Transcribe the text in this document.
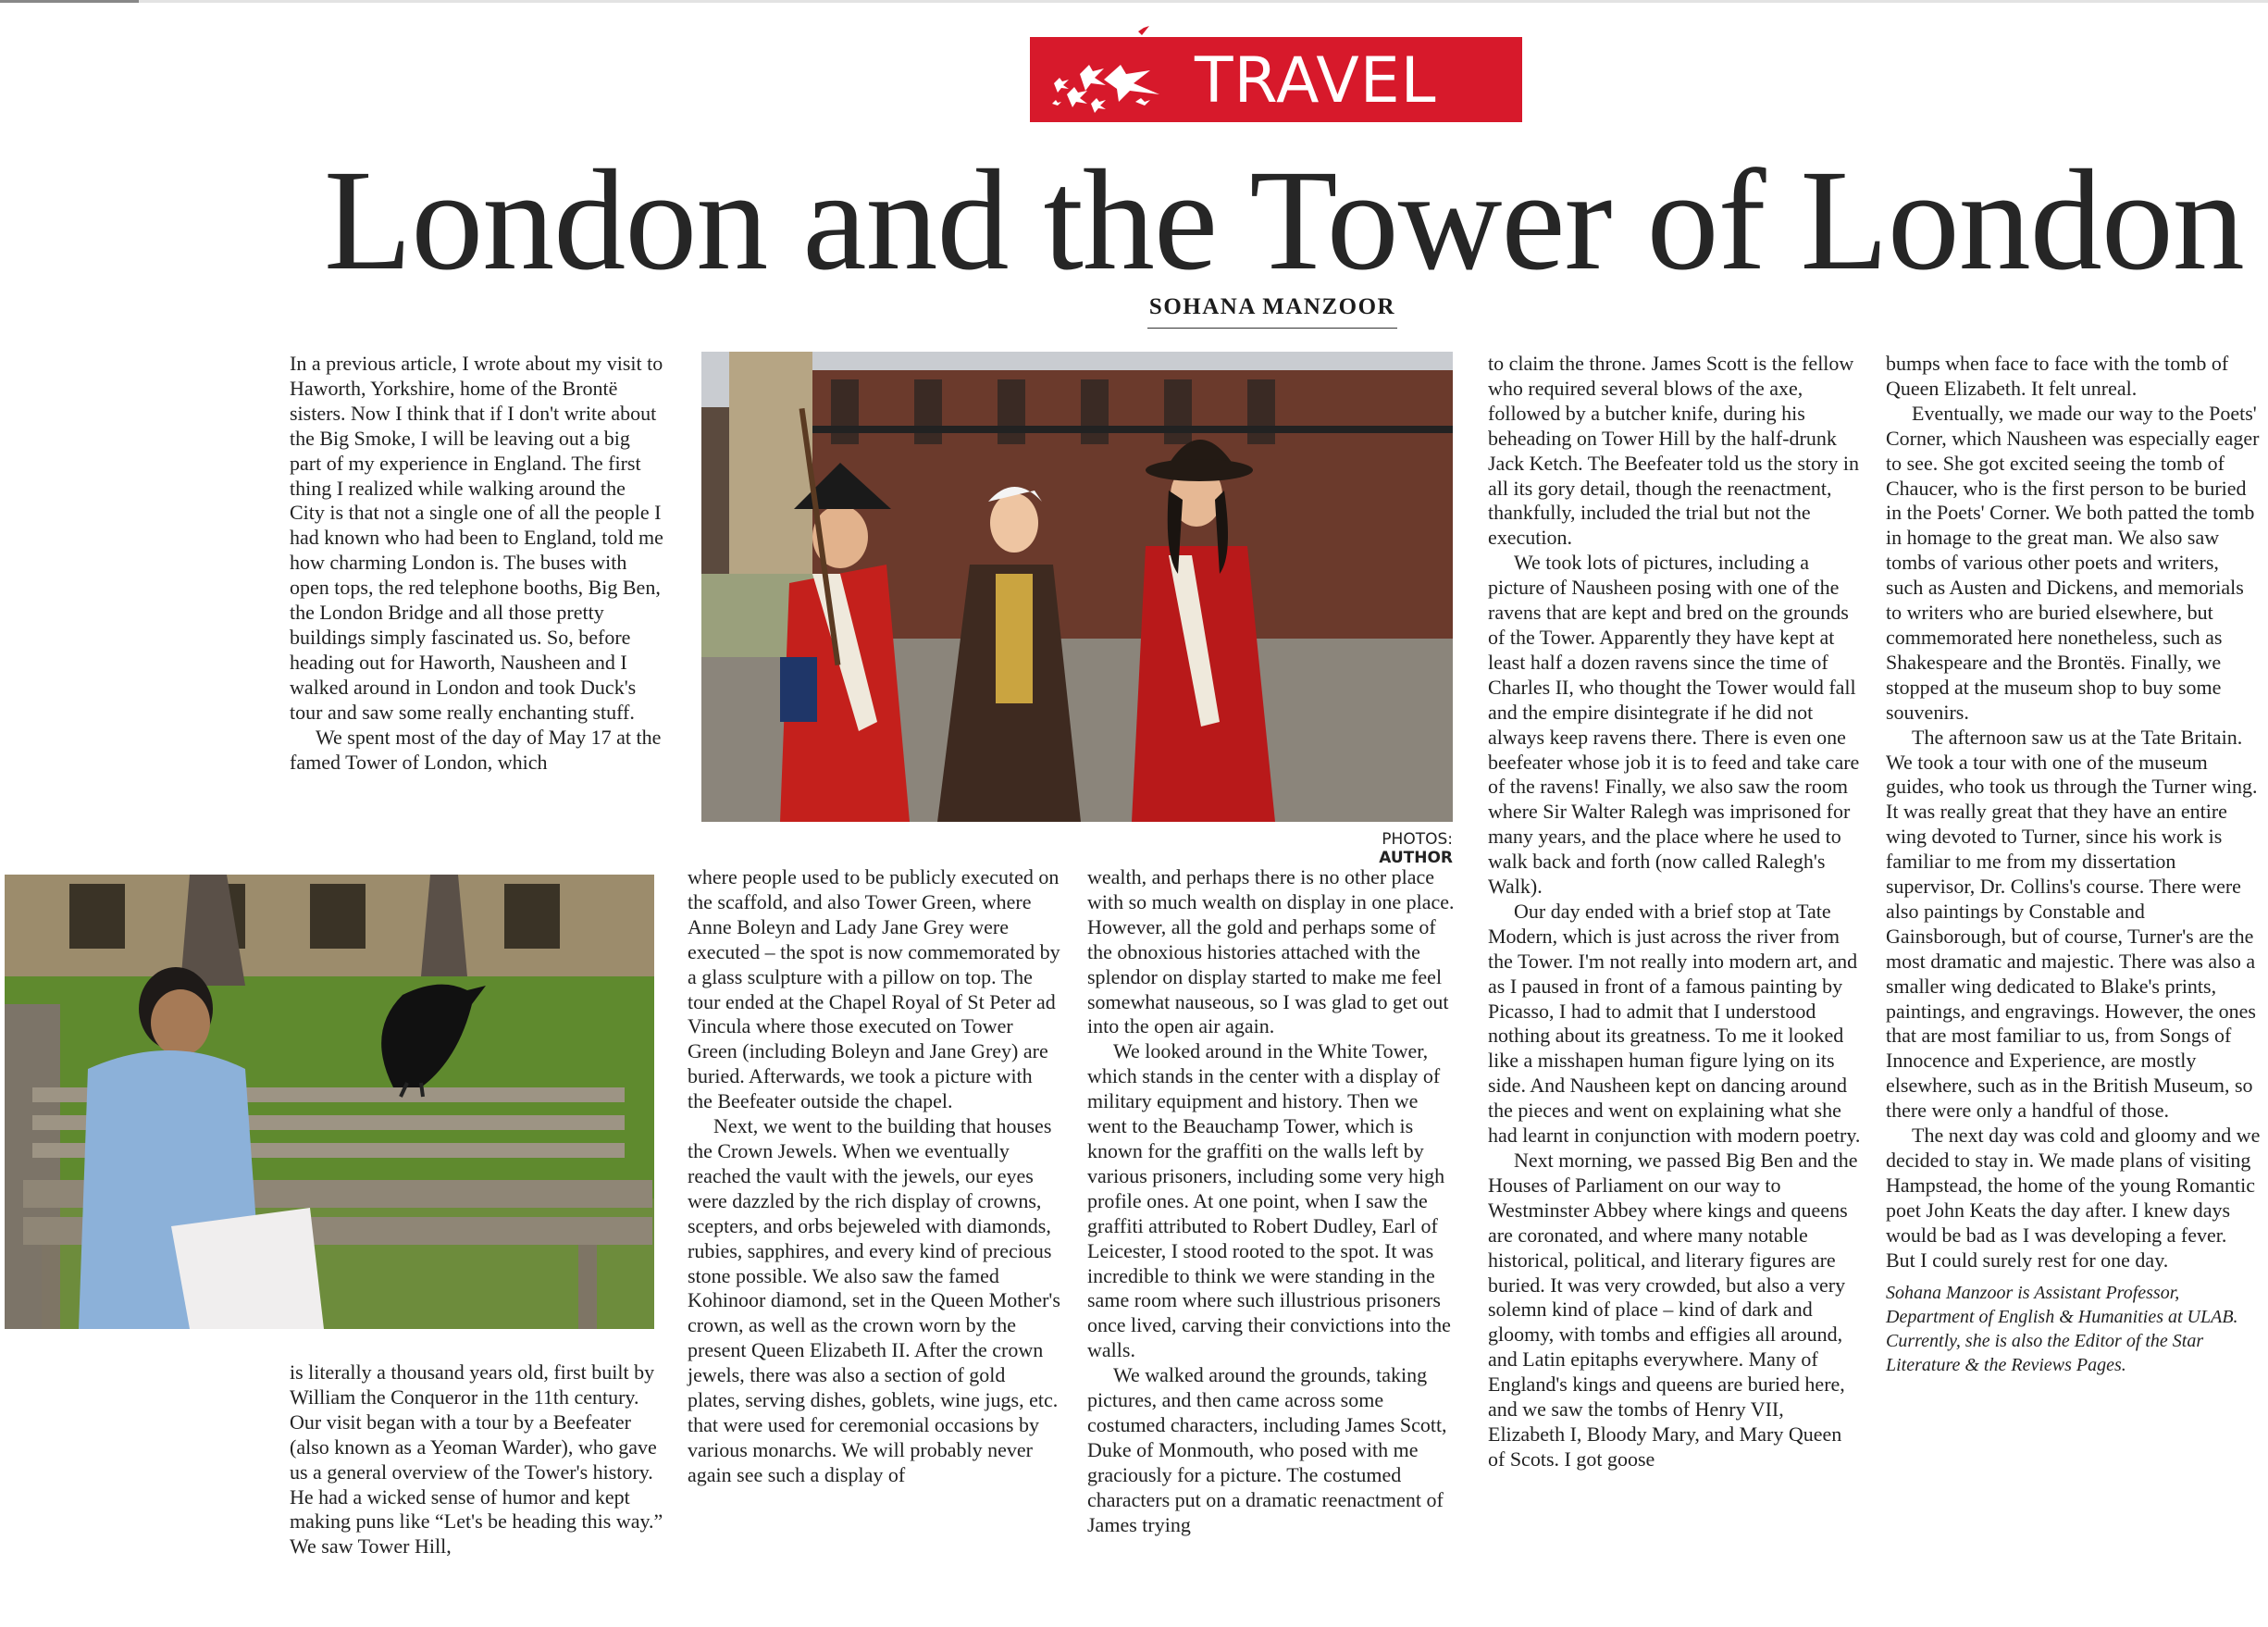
TRAVEL
London and the Tower of London
SOHANA MANZOOR

In a previous article, I wrote about my visit to Haworth, Yorkshire, home of the Brontë sisters. Now I think that if I don't write about the Big Smoke, I will be leaving out a big part of my experience in England. The first thing I realized while walking around the City is that not a single one of all the people I had known who had been to England, told me how charming London is. The buses with open tops, the red telephone booths, Big Ben, the London Bridge and all those pretty buildings simply fascinated us. So, before heading out for Haworth, Nausheen and I walked around in London and took Duck's tour and saw some really enchanting stuff.

We spent most of the day of May 17 at the famed Tower of London, which

is literally a thousand years old, first built by William the Conqueror in the 11th century. Our visit began with a tour by a Beefeater (also known as a Yeoman Warder), who gave us a general overview of the Tower's history. He had a wicked sense of humor and kept making puns like “Let's be heading this way.” We saw Tower Hill,

PHOTOS: AUTHOR

where people used to be publicly executed on the scaffold, and also Tower Green, where Anne Boleyn and Lady Jane Grey were executed – the spot is now commemorated by a glass sculpture with a pillow on top. The tour ended at the Chapel Royal of St Peter ad Vincula where those executed on Tower Green (including Boleyn and Jane Grey) are buried. Afterwards, we took a picture with the Beefeater outside the chapel.

Next, we went to the building that houses the Crown Jewels. When we eventually reached the vault with the jewels, our eyes were dazzled by the rich display of crowns, scepters, and orbs bejeweled with diamonds, rubies, sapphires, and every kind of precious stone possible. We also saw the famed Kohinoor diamond, set in the Queen Mother's crown, as well as the crown worn by the present Queen Elizabeth II. After the crown jewels, there was also a section of gold plates, serving dishes, goblets, wine jugs, etc. that were used for ceremonial occasions by various monarchs. We will probably never again see such a display of

wealth, and perhaps there is no other place with so much wealth on display in one place. However, all the gold and perhaps some of the obnoxious histories attached with the splendor on display started to make me feel somewhat nauseous, so I was glad to get out into the open air again.

We looked around in the White Tower, which stands in the center with a display of military equipment and history. Then we went to the Beauchamp Tower, which is known for the graffiti on the walls left by various prisoners, including some very high profile ones. At one point, when I saw the graffiti attributed to Robert Dudley, Earl of Leicester, I stood rooted to the spot. It was incredible to think we were standing in the same room where such illustrious prisoners once lived, carving their convictions into the walls.

We walked around the grounds, taking pictures, and then came across some costumed characters, including James Scott, Duke of Monmouth, who posed with me graciously for a picture. The costumed characters put on a dramatic reenactment of James trying

to claim the throne. James Scott is the fellow who required several blows of the axe, followed by a butcher knife, during his beheading on Tower Hill by the half-drunk Jack Ketch. The Beefeater told us the story in all its gory detail, though the reenactment, thankfully, included the trial but not the execution.

We took lots of pictures, including a picture of Nausheen posing with one of the ravens that are kept and bred on the grounds of the Tower. Apparently they have kept at least half a dozen ravens since the time of Charles II, who thought the Tower would fall and the empire disintegrate if he did not always keep ravens there. There is even one beefeater whose job it is to feed and take care of the ravens! Finally, we also saw the room where Sir Walter Ralegh was imprisoned for many years, and the place where he used to walk back and forth (now called Ralegh's Walk).

Our day ended with a brief stop at Tate Modern, which is just across the river from the Tower. I'm not really into modern art, and as I paused in front of a famous painting by Picasso, I had to admit that I understood nothing about its greatness. To me it looked like a misshapen human figure lying on its side. And Nausheen kept on dancing around the pieces and went on explaining what she had learnt in conjunction with modern poetry.

Next morning, we passed Big Ben and the Houses of Parliament on our way to Westminster Abbey where kings and queens are coronated, and where many notable historical, political, and literary figures are buried. It was very crowded, but also a very solemn kind of place – kind of dark and gloomy, with tombs and effigies all around, and Latin epitaphs everywhere. Many of England's kings and queens are buried here, and we saw the tombs of Henry VII, Elizabeth I, Bloody Mary, and Mary Queen of Scots. I got goose

bumps when face to face with the tomb of Queen Elizabeth. It felt unreal.

Eventually, we made our way to the Poets' Corner, which Nausheen was especially eager to see. She got excited seeing the tomb of Chaucer, who is the first person to be buried in the Poets' Corner. We both patted the tomb in homage to the great man. We also saw tombs of various other poets and writers, such as Austen and Dickens, and memorials to writers who are buried elsewhere, but commemorated here nonetheless, such as Shakespeare and the Brontës. Finally, we stopped at the museum shop to buy some souvenirs.

The afternoon saw us at the Tate Britain. We took a tour with one of the museum guides, who took us through the Turner wing. It was really great that they have an entire wing devoted to Turner, since his work is familiar to me from my dissertation supervisor, Dr. Collins's course. There were also paintings by Constable and Gainsborough, but of course, Turner's are the most dramatic and majestic. There was also a smaller wing dedicated to Blake's prints, paintings, and engravings. However, the ones that are most familiar to us, from Songs of Innocence and Experience, are mostly elsewhere, such as in the British Museum, so there were only a handful of those.

The next day was cold and gloomy and we decided to stay in. We made plans of visiting Hampstead, the home of the young Romantic poet John Keats the day after. I knew days would be bad as I was developing a fever. But I could surely rest for one day.

Sohana Manzoor is Assistant Professor, Department of English & Humanities at ULAB. Currently, she is also the Editor of the Star Literature & the Reviews Pages.
